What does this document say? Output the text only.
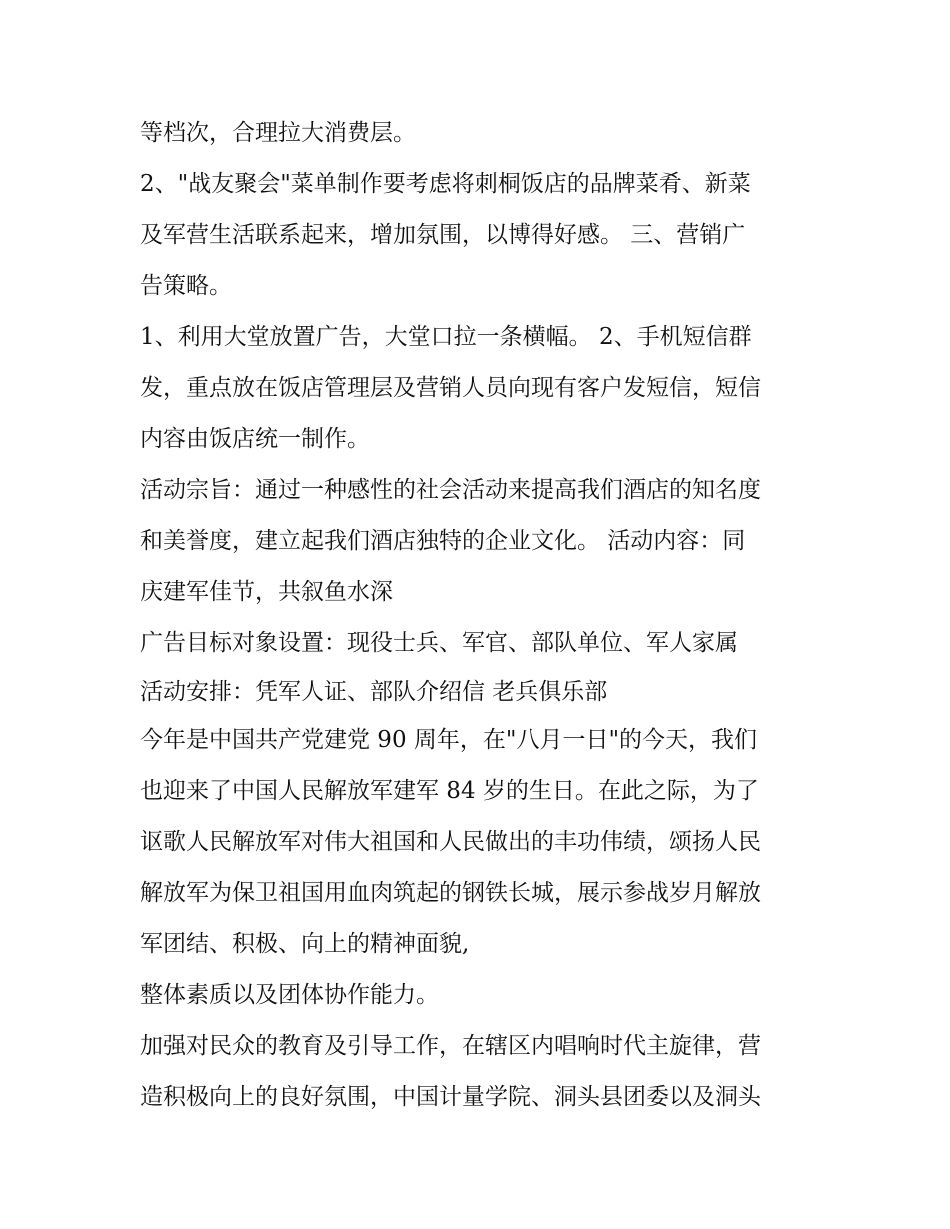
等档次，合理拉大消费层。
2、"战友聚会"菜单制作要考虑将刺桐饭店的品牌菜肴、新菜
及军营生活联系起来，增加氛围，以博得好感。 三、营销广
告策略。
1、利用大堂放置广告，大堂口拉一条横幅。 2、手机短信群
发，重点放在饭店管理层及营销人员向现有客户发短信，短信
内容由饭店统一制作。
活动宗旨：通过一种感性的社会活动来提高我们酒店的知名度
和美誉度，建立起我们酒店独特的企业文化。 活动内容：同
庆建军佳节，共叙鱼水深
广告目标对象设置：现役士兵、军官、部队单位、军人家属
活动安排：凭军人证、部队介绍信 老兵俱乐部
今年是中国共产党建党 90 周年，在"八月一日"的今天，我们
也迎来了中国人民解放军建军 84 岁的生日。在此之际，为了
讴歌人民解放军对伟大祖国和人民做出的丰功伟绩，颂扬人民
解放军为保卫祖国用血肉筑起的钢铁长城，展示参战岁月解放
军团结、积极、向上的精神面貌,
整体素质以及团体协作能力。
加强对民众的教育及引导工作，在辖区内唱响时代主旋律，营
造积极向上的良好氛围，中国计量学院、洞头县团委以及洞头
